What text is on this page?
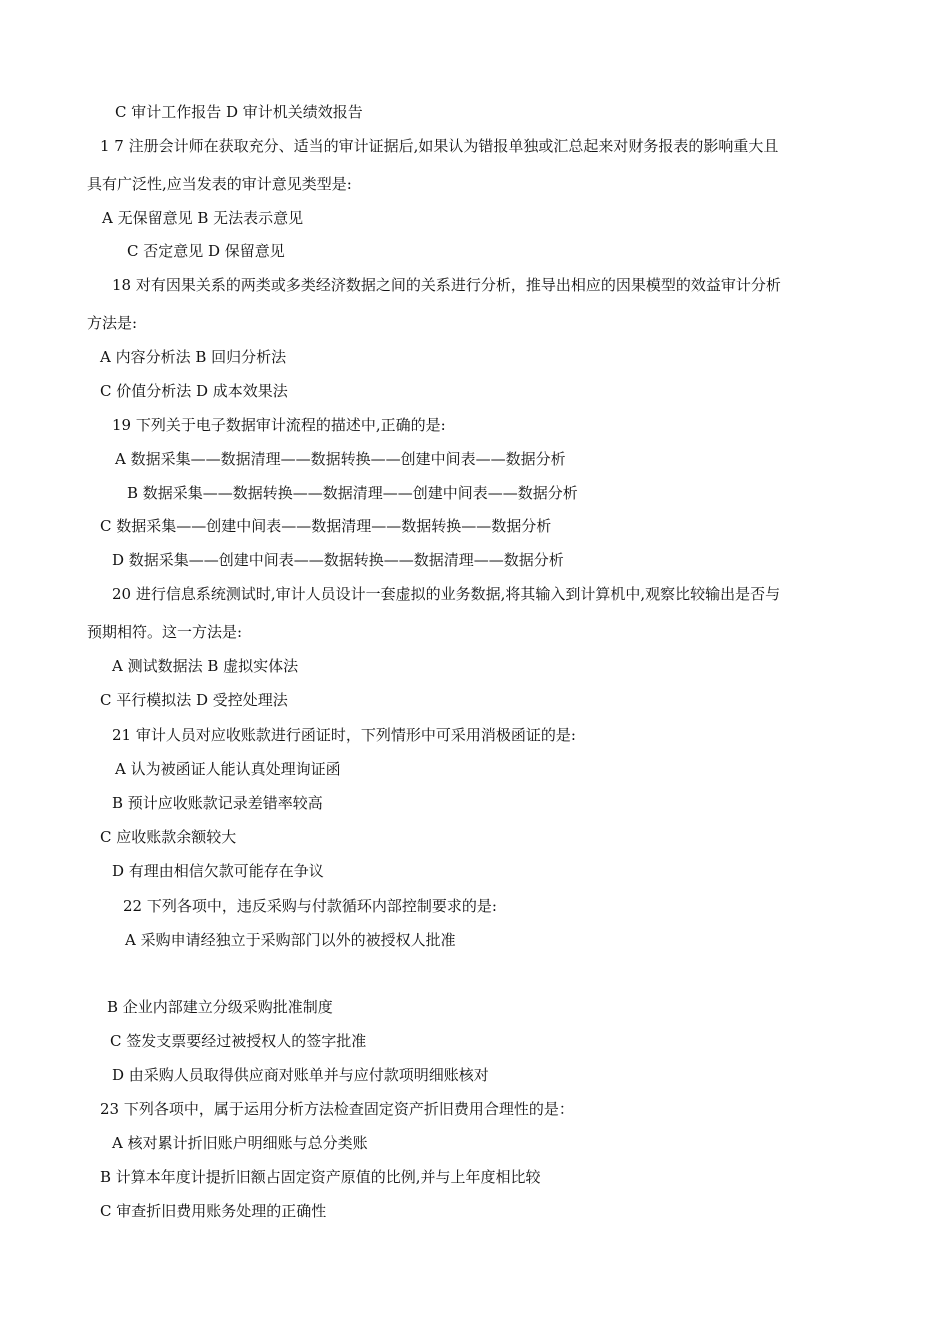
C 审计工作报告 D 审计机关绩效报告
1 7 注册会计师在获取充分、适当的审计证据后,如果认为错报单独或汇总起来对财务报表的影响重大且
具有广泛性,应当发表的审计意见类型是:
A 无保留意见 B 无法表示意见
C 否定意见 D 保留意见
18 对有因果关系的两类或多类经济数据之间的关系进行分析，推导出相应的因果模型的效益审计分析
方法是:
A 内容分析法 B 回归分析法
C 价值分析法 D 成本效果法
19 下列关于电子数据审计流程的描述中,正确的是:
A 数据采集——数据清理——数据转换——创建中间表——数据分析
B 数据采集——数据转换——数据清理——创建中间表——数据分析
C 数据采集——创建中间表——数据清理——数据转换——数据分析
D 数据采集——创建中间表——数据转换——数据清理——数据分析
20 进行信息系统测试时,审计人员设计一套虚拟的业务数据,将其输入到计算机中,观察比较输出是否与
预期相符。这一方法是:
A 测试数据法 B 虚拟实体法
C 平行模拟法 D 受控处理法
21 审计人员对应收账款进行函证时，下列情形中可采用消极函证的是:
A 认为被函证人能认真处理询证函
B 预计应收账款记录差错率较高
C 应收账款余额较大
D 有理由相信欠款可能存在争议
22 下列各项中，违反采购与付款循环内部控制要求的是:
A 采购申请经独立于采购部门以外的被授权人批准
B 企业内部建立分级采购批准制度
C 签发支票要经过被授权人的签字批准
D 由采购人员取得供应商对账单并与应付款项明细账核对
23 下列各项中，属于运用分析方法检查固定资产折旧费用合理性的是：
A 核对累计折旧账户明细账与总分类账
B 计算本年度计提折旧额占固定资产原值的比例,并与上年度相比较
C 审查折旧费用账务处理的正确性
